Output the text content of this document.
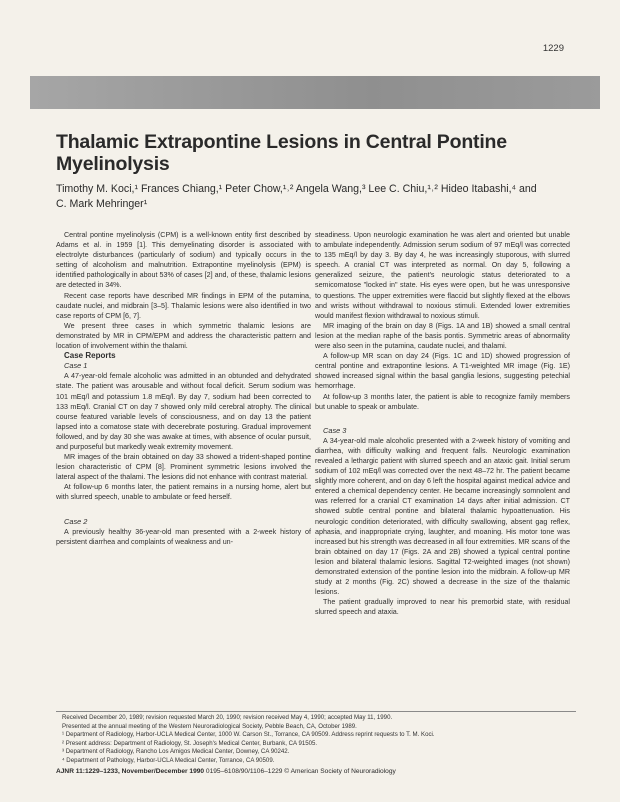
1229
Thalamic Extrapontine Lesions in Central Pontine Myelinolysis
Timothy M. Koci,¹ Frances Chiang,¹ Peter Chow,¹˒² Angela Wang,³ Lee C. Chiu,¹˒² Hideo Itabashi,⁴ and
C. Mark Mehringer¹

Central pontine myelinolysis (CPM) is a well-known entity first described by Adams et al. in 1959 [1]. This demyelinating disorder is associated with electrolyte disturbances (particularly of sodium) and typically occurs in the setting of alcoholism and malnutrition. Extrapontine myelinolysis (EPM) is identified pathologically in about 53% of cases [2] and, of these, thalamic lesions are detected in 34%.

Recent case reports have described MR findings in EPM of the putamina, caudate nuclei, and midbrain [3–5]. Thalamic lesions were also identified in two case reports of CPM [6, 7].

We present three cases in which symmetric thalamic lesions are demonstrated by MR in CPM/EPM and address the characteristic pattern and location of involvement within the thalami.

Case Reports

Case 1

A 47-year-old female alcoholic was admitted in an obtunded and dehydrated state. The patient was arousable and without focal deficit. Serum sodium was 101 mEq/l and potassium 1.8 mEq/l. By day 7, sodium had been corrected to 133 mEq/l. Cranial CT on day 7 showed only mild cerebral atrophy. The clinical course featured variable levels of consciousness, and on day 13 the patient lapsed into a comatose state with decerebrate posturing. Gradual improvement followed, and by day 30 she was awake at times, with absence of ocular pursuit, and purposeful but markedly weak extremity movement.

MR images of the brain obtained on day 33 showed a trident-shaped pontine lesion characteristic of CPM [8]. Prominent symmetric lesions involved the lateral aspect of the thalami. The lesions did not enhance with contrast material.

At follow-up 6 months later, the patient remains in a nursing home, alert but with slurred speech, unable to ambulate or feed herself.

Case 2

A previously healthy 36-year-old man presented with a 2-week history of persistent diarrhea and complaints of weakness and un-

steadiness. Upon neurologic examination he was alert and oriented but unable to ambulate independently. Admission serum sodium of 97 mEq/l was corrected to 135 mEq/l by day 3. By day 4, he was increasingly stuporous, with slurred speech. A cranial CT was interpreted as normal. On day 5, following a generalized seizure, the patient's neurologic status deteriorated to a semicomatose "locked in" state. His eyes were open, but he was unresponsive to questions. The upper extremities were flaccid but slightly flexed at the elbows and wrists without withdrawal to noxious stimuli. Extended lower extremities would manifest flexion withdrawal to noxious stimuli.

MR imaging of the brain on day 8 (Figs. 1A and 1B) showed a small central lesion at the median raphe of the basis pontis. Symmetric areas of abnormality were also seen in the putamina, caudate nuclei, and thalami.

A follow-up MR scan on day 24 (Figs. 1C and 1D) showed progression of central pontine and extrapontine lesions. A T1-weighted MR image (Fig. 1E) showed increased signal within the basal ganglia lesions, suggesting petechial hemorrhage.

At follow-up 3 months later, the patient is able to recognize family members but unable to speak or ambulate.

Case 3

A 34-year-old male alcoholic presented with a 2-week history of vomiting and diarrhea, with difficulty walking and frequent falls. Neurologic examination revealed a lethargic patient with slurred speech and an ataxic gait. Initial serum sodium of 102 mEq/l was corrected over the next 48–72 hr. The patient became slightly more coherent, and on day 6 left the hospital against medical advice and entered a chemical dependency center. He became increasingly somnolent and was referred for a cranial CT examination 14 days after initial admission. CT showed subtle central pontine and bilateral thalamic hypoattenuation. His neurologic condition deteriorated, with difficulty swallowing, absent gag reflex, aphasia, and inappropriate crying, laughter, and moaning. His motor tone was increased but his strength was decreased in all four extremities. MR scans of the brain obtained on day 17 (Figs. 2A and 2B) showed a typical central pontine lesion and bilateral thalamic lesions. Sagittal T2-weighted images (not shown) demonstrated extension of the pontine lesion into the midbrain. A follow-up MR study at 2 months (Fig. 2C) showed a decrease in the size of the thalamic lesions.

The patient gradually improved to near his premorbid state, with residual slurred speech and ataxia.

Received December 20, 1989; revision requested March 20, 1990; revision received May 4, 1990; accepted May 11, 1990.
Presented at the annual meeting of the Western Neuroradiological Society, Pebble Beach, CA, October 1989.
¹ Department of Radiology, Harbor-UCLA Medical Center, 1000 W. Carson St., Torrance, CA 90509. Address reprint requests to T. M. Koci.
² Present address: Department of Radiology, St. Joseph's Medical Center, Burbank, CA 91505.
³ Department of Radiology, Rancho Los Amigos Medical Center, Downey, CA 90242.
⁴ Department of Pathology, Harbor-UCLA Medical Center, Torrance, CA 90509.
AJNR 11:1229–1233, November/December 1990 0195–6108/90/1106–1229 © American Society of Neuroradiology
